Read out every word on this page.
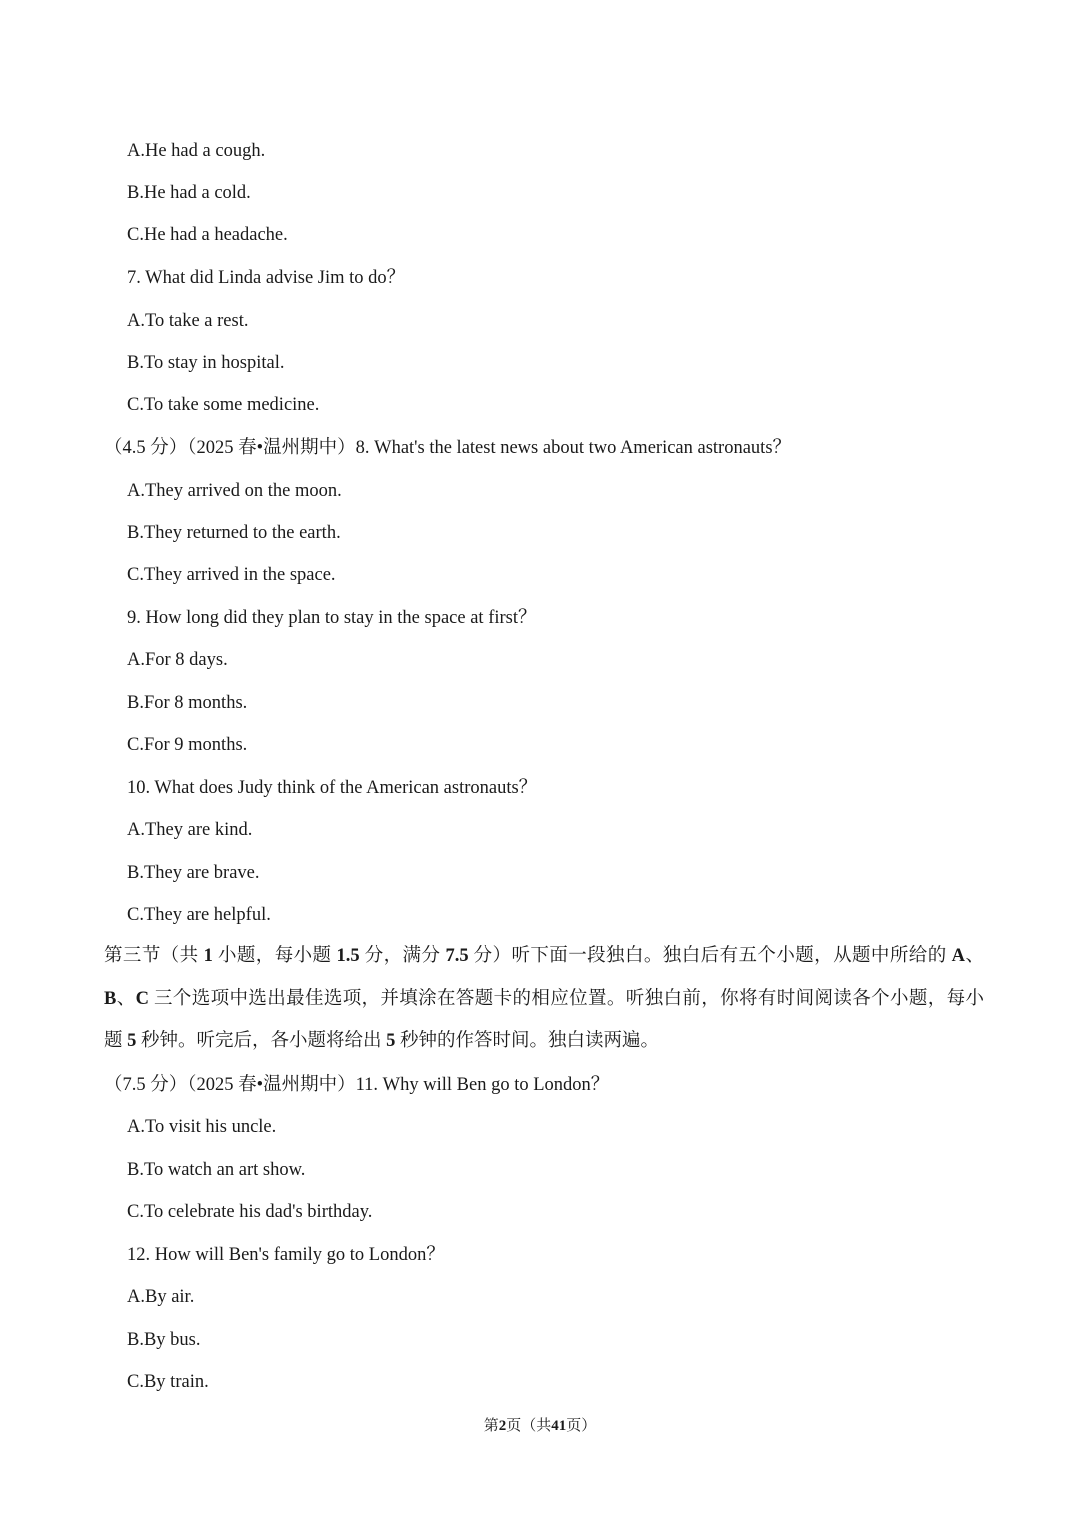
A.He had a cough.
B.He had a cold.
C.He had a headache.
7. What did Linda advise Jim to do？
A.To take a rest.
B.To stay in hospital.
C.To take some medicine.
（4.5 分）（2025 春•温州期中）8. What's the latest news about two American astronauts？
A.They arrived on the moon.
B.They returned to the earth.
C.They arrived in the space.
9. How long did they plan to stay in the space at first？
A.For 8 days.
B.For 8 months.
C.For 9 months.
10. What does Judy think of the American astronauts？
A.They are kind.
B.They are brave.
C.They are helpful.
第三节（共 1 小题，每小题 1.5 分，满分 7.5 分）听下面一段独白。独白后有五个小题，从题中所给的 A、B、C 三个选项中选出最佳选项，并填涂在答题卡的相应位置。听独白前，你将有时间阅读各个小题，每小题 5 秒钟。听完后，各小题将给出 5 秒钟的作答时间。独白读两遍。
（7.5 分）（2025 春•温州期中）11. Why will Ben go to London？
A.To visit his uncle.
B.To watch an art show.
C.To celebrate his dad's birthday.
12. How will Ben's family go to London？
A.By air.
B.By bus.
C.By train.
第2页（共41页）
